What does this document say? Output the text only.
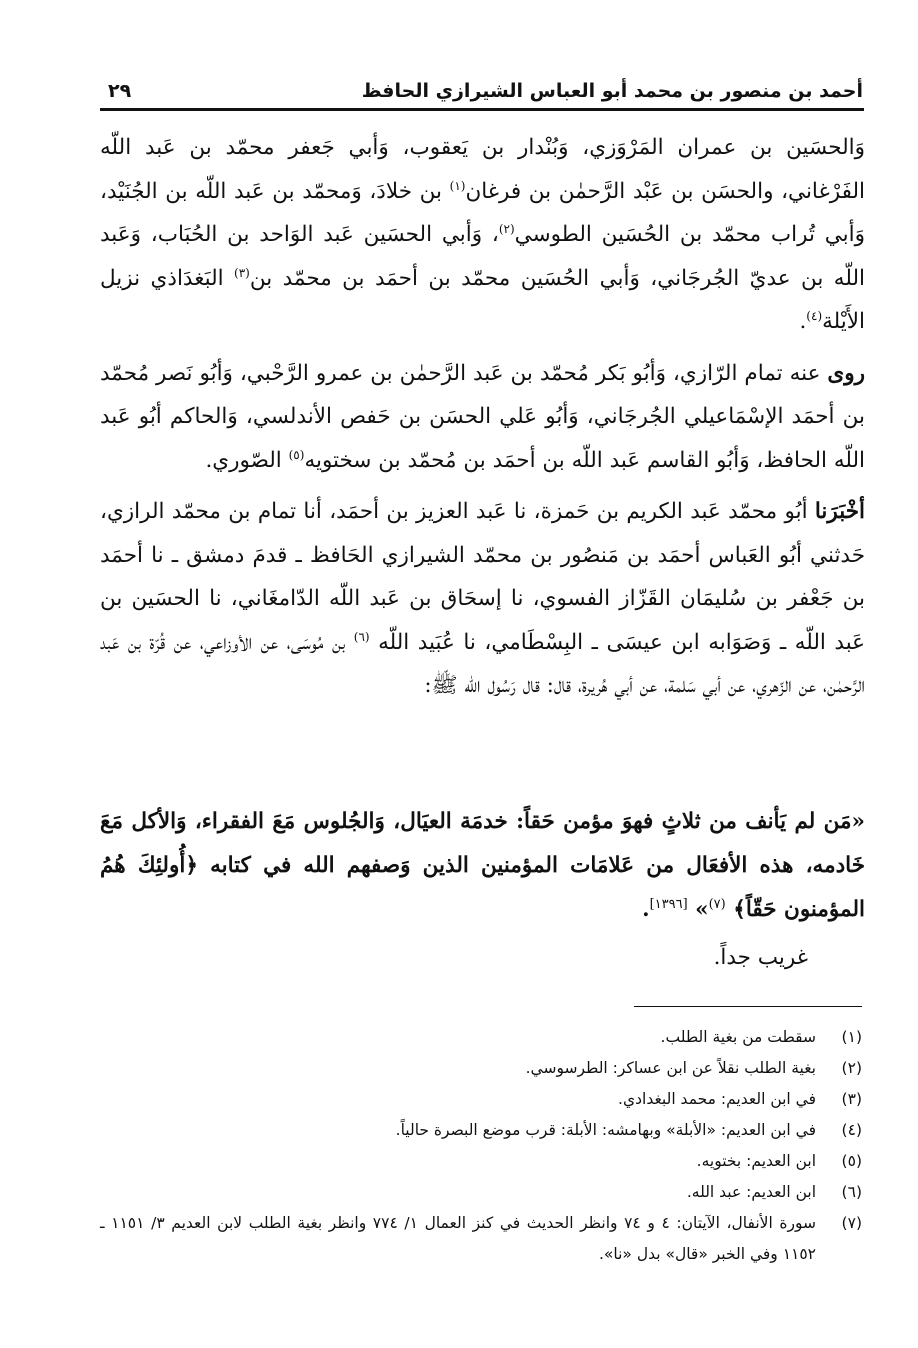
أحمد بن منصور بن محمد أبو العباس الشيرازي الحافظ
٢٩

وَالحسَين بن عمران المَرْوَزي، وَبُنْدار بن يَعقوب، وَأبي جَعفر محمّد بن عَبد اللّه الفَرْغاني، والحسَن بن عَبْد الرَّحمٰن بن فرغان$^{(١)}$ بن خلادَ، وَمحمّد بن عَبد اللّه بن الجُنَيْد، وَأبي تُراب محمّد بن الحُسَين الطوسي$^{(٢)}$، وَأبي الحسَين عَبد الوَاحد بن الحُبَاب، وَعَبد اللّه بن عديّ الجُرجَاني، وَأبي الحُسَين محمّد بن أحمَد بن محمّد بن$^{(٣)}$ البَغدَاذي نزيل الأَيْلة$^{(٤)}$.

روى عنه تمام الرّازي، وَأبُو بَكر مُحمّد بن عَبد الرَّحمٰن بن عمرو الرَّحْبي، وَأبُو نَصر مُحمّد بن أحمَد الإسْمَاعيلي الجُرجَاني، وَأبُو عَلي الحسَن بن حَفص الأندلسي، وَالحاكم أبُو عَبد اللّه الحافظ، وَأبُو القاسم عَبد اللّه بن أحمَد بن مُحمّد بن سختويه$^{(٥)}$ الصّوري.

أخْبَرَنا أبُو محمّد عَبد الكريم بن حَمزة، نا عَبد العزيز بن أحمَد، أنا تمام بن محمّد الرازي، حَدثني أبُو العَباس أحمَد بن مَنصُور بن محمّد الشيرازي الحَافظ ـ قدمَ دمشق ـ نا أحمَد بن جَعْفر بن سُليمَان القَزّاز الفسوي، نا إسحَاق بن عَبد اللّه الدّامغَاني، نا الحسَين بن عَبد اللّه ـ وَصَوَابه ابن عيسَى ـ البِسْطَامي، نا عُبَيد اللّه $^{(٦)}$ بن مُوسَى، عن الأوزاعي، عن قُرّة بن عَبد الرَّحمٰن، عن الزّهري، عن أبي سَلمة، عن أبي هُريرة، قال: قال رَسُول الله ﷺ:

«مَن لم يَأنف من ثلاثٍ فهوَ مؤمن حَقاً: خدمَة العيَال، وَالجُلوس مَعَ الفقراء، وَالأكل مَعَ خَادمه، هذه الأفعَال من عَلامَات المؤمنين الذين وَصفهم الله في كتابه ﴿أُولئِكَ هُمُ المؤمنون حَقّاً﴾ $^{(٧)}$» [١٣٩٦].

غريب جداً.
(١)
سقطت من بغية الطلب.
(٢)
بغية الطلب نقلاً عن ابن عساكر: الطرسوسي.
(٣)
في ابن العديم: محمد البغدادي.
(٤)
في ابن العديم: «الأبلة» وبهامشه: الأبلة: قرب موضع البصرة حالياً.
(٥)
ابن العديم: بختويه.
(٦)
ابن العديم: عبد الله.
(٧)
سورة الأنفال، الآيتان: ٤ و ٧٤ وانظر الحديث في كنز العمال ١/ ٧٧٤ وانظر بغية الطلب لابن العديم ٣/ ١١٥١ ـ ١١٥٢ وفي الخبر «قال» بدل «نا».
